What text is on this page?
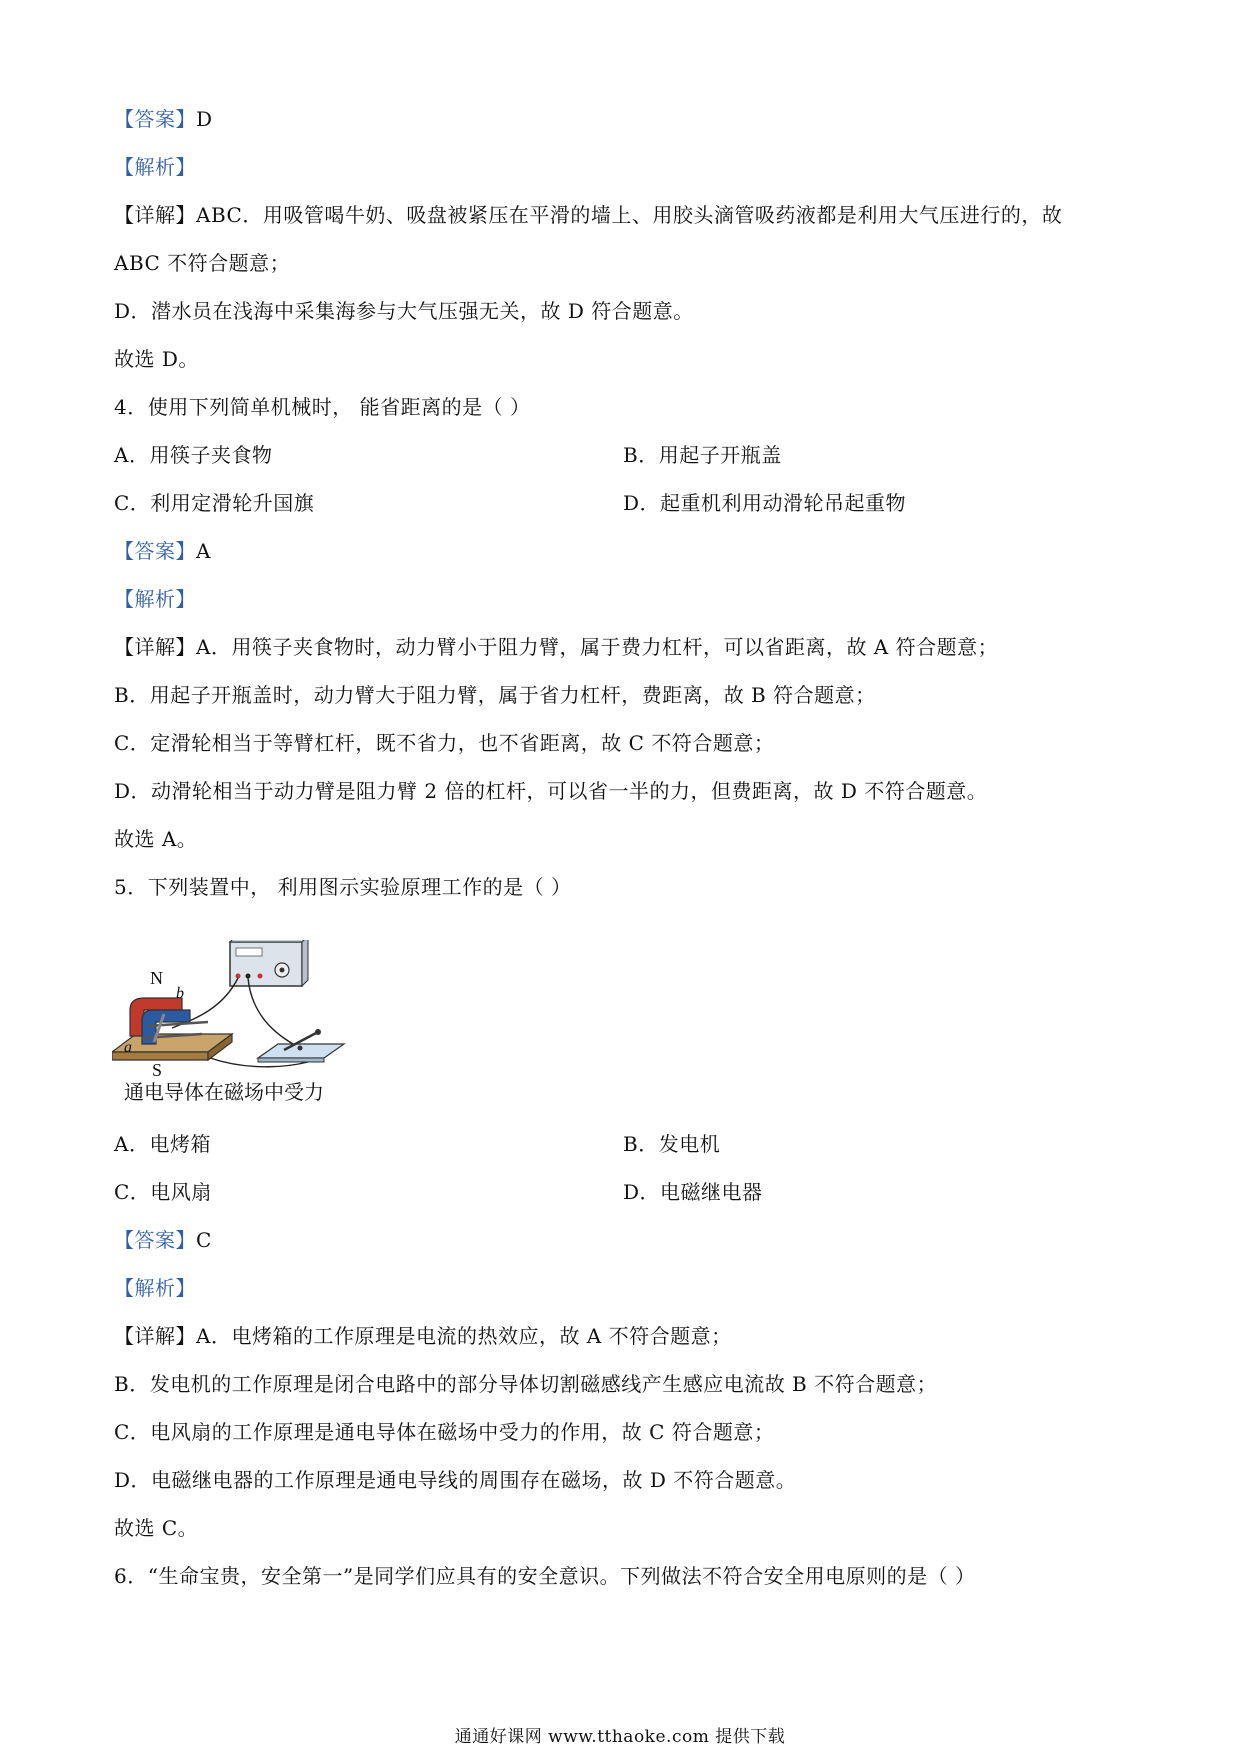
【答案】D
【解析】
【详解】ABC．用吸管喝牛奶、吸盘被紧压在平滑的墙上、用胶头滴管吸药液都是利用大气压进行的，故
ABC 不符合题意；
D．潜水员在浅海中采集海参与大气压强无关，故 D 符合题意。
故选 D。
4．使用下列简单机械时， 能省距离的是（ ）
A．用筷子夹食物	B．用起子开瓶盖
C．利用定滑轮升国旗	D．起重机利用动滑轮吊起重物
【答案】A
【解析】
【详解】A．用筷子夹食物时，动力臂小于阻力臂，属于费力杠杆，可以省距离，故 A 符合题意；
B．用起子开瓶盖时，动力臂大于阻力臂，属于省力杠杆，费距离，故 B 符合题意；
C．定滑轮相当于等臂杠杆，既不省力，也不省距离，故 C 不符合题意；
D．动滑轮相当于动力臂是阻力臂 2 倍的杠杆，可以省一半的力，但费距离，故 D 不符合题意。
故选 A。
5．下列装置中， 利用图示实验原理工作的是（ ）
N
b
a
S
通电导体在磁场中受力
A．电烤箱	B．发电机
C．电风扇	D．电磁继电器
【答案】C
【解析】
【详解】A．电烤箱的工作原理是电流的热效应，故 A 不符合题意；
B．发电机的工作原理是闭合电路中的部分导体切割磁感线产生感应电流故 B 不符合题意；
C．电风扇的工作原理是通电导体在磁场中受力的作用，故 C 符合题意；
D．电磁继电器的工作原理是通电导线的周围存在磁场，故 D 不符合题意。
故选 C。
6．“生命宝贵，安全第一”是同学们应具有的安全意识。下列做法不符合安全用电原则的是（ ）
通通好课网 www.tthaoke.com 提供下载
